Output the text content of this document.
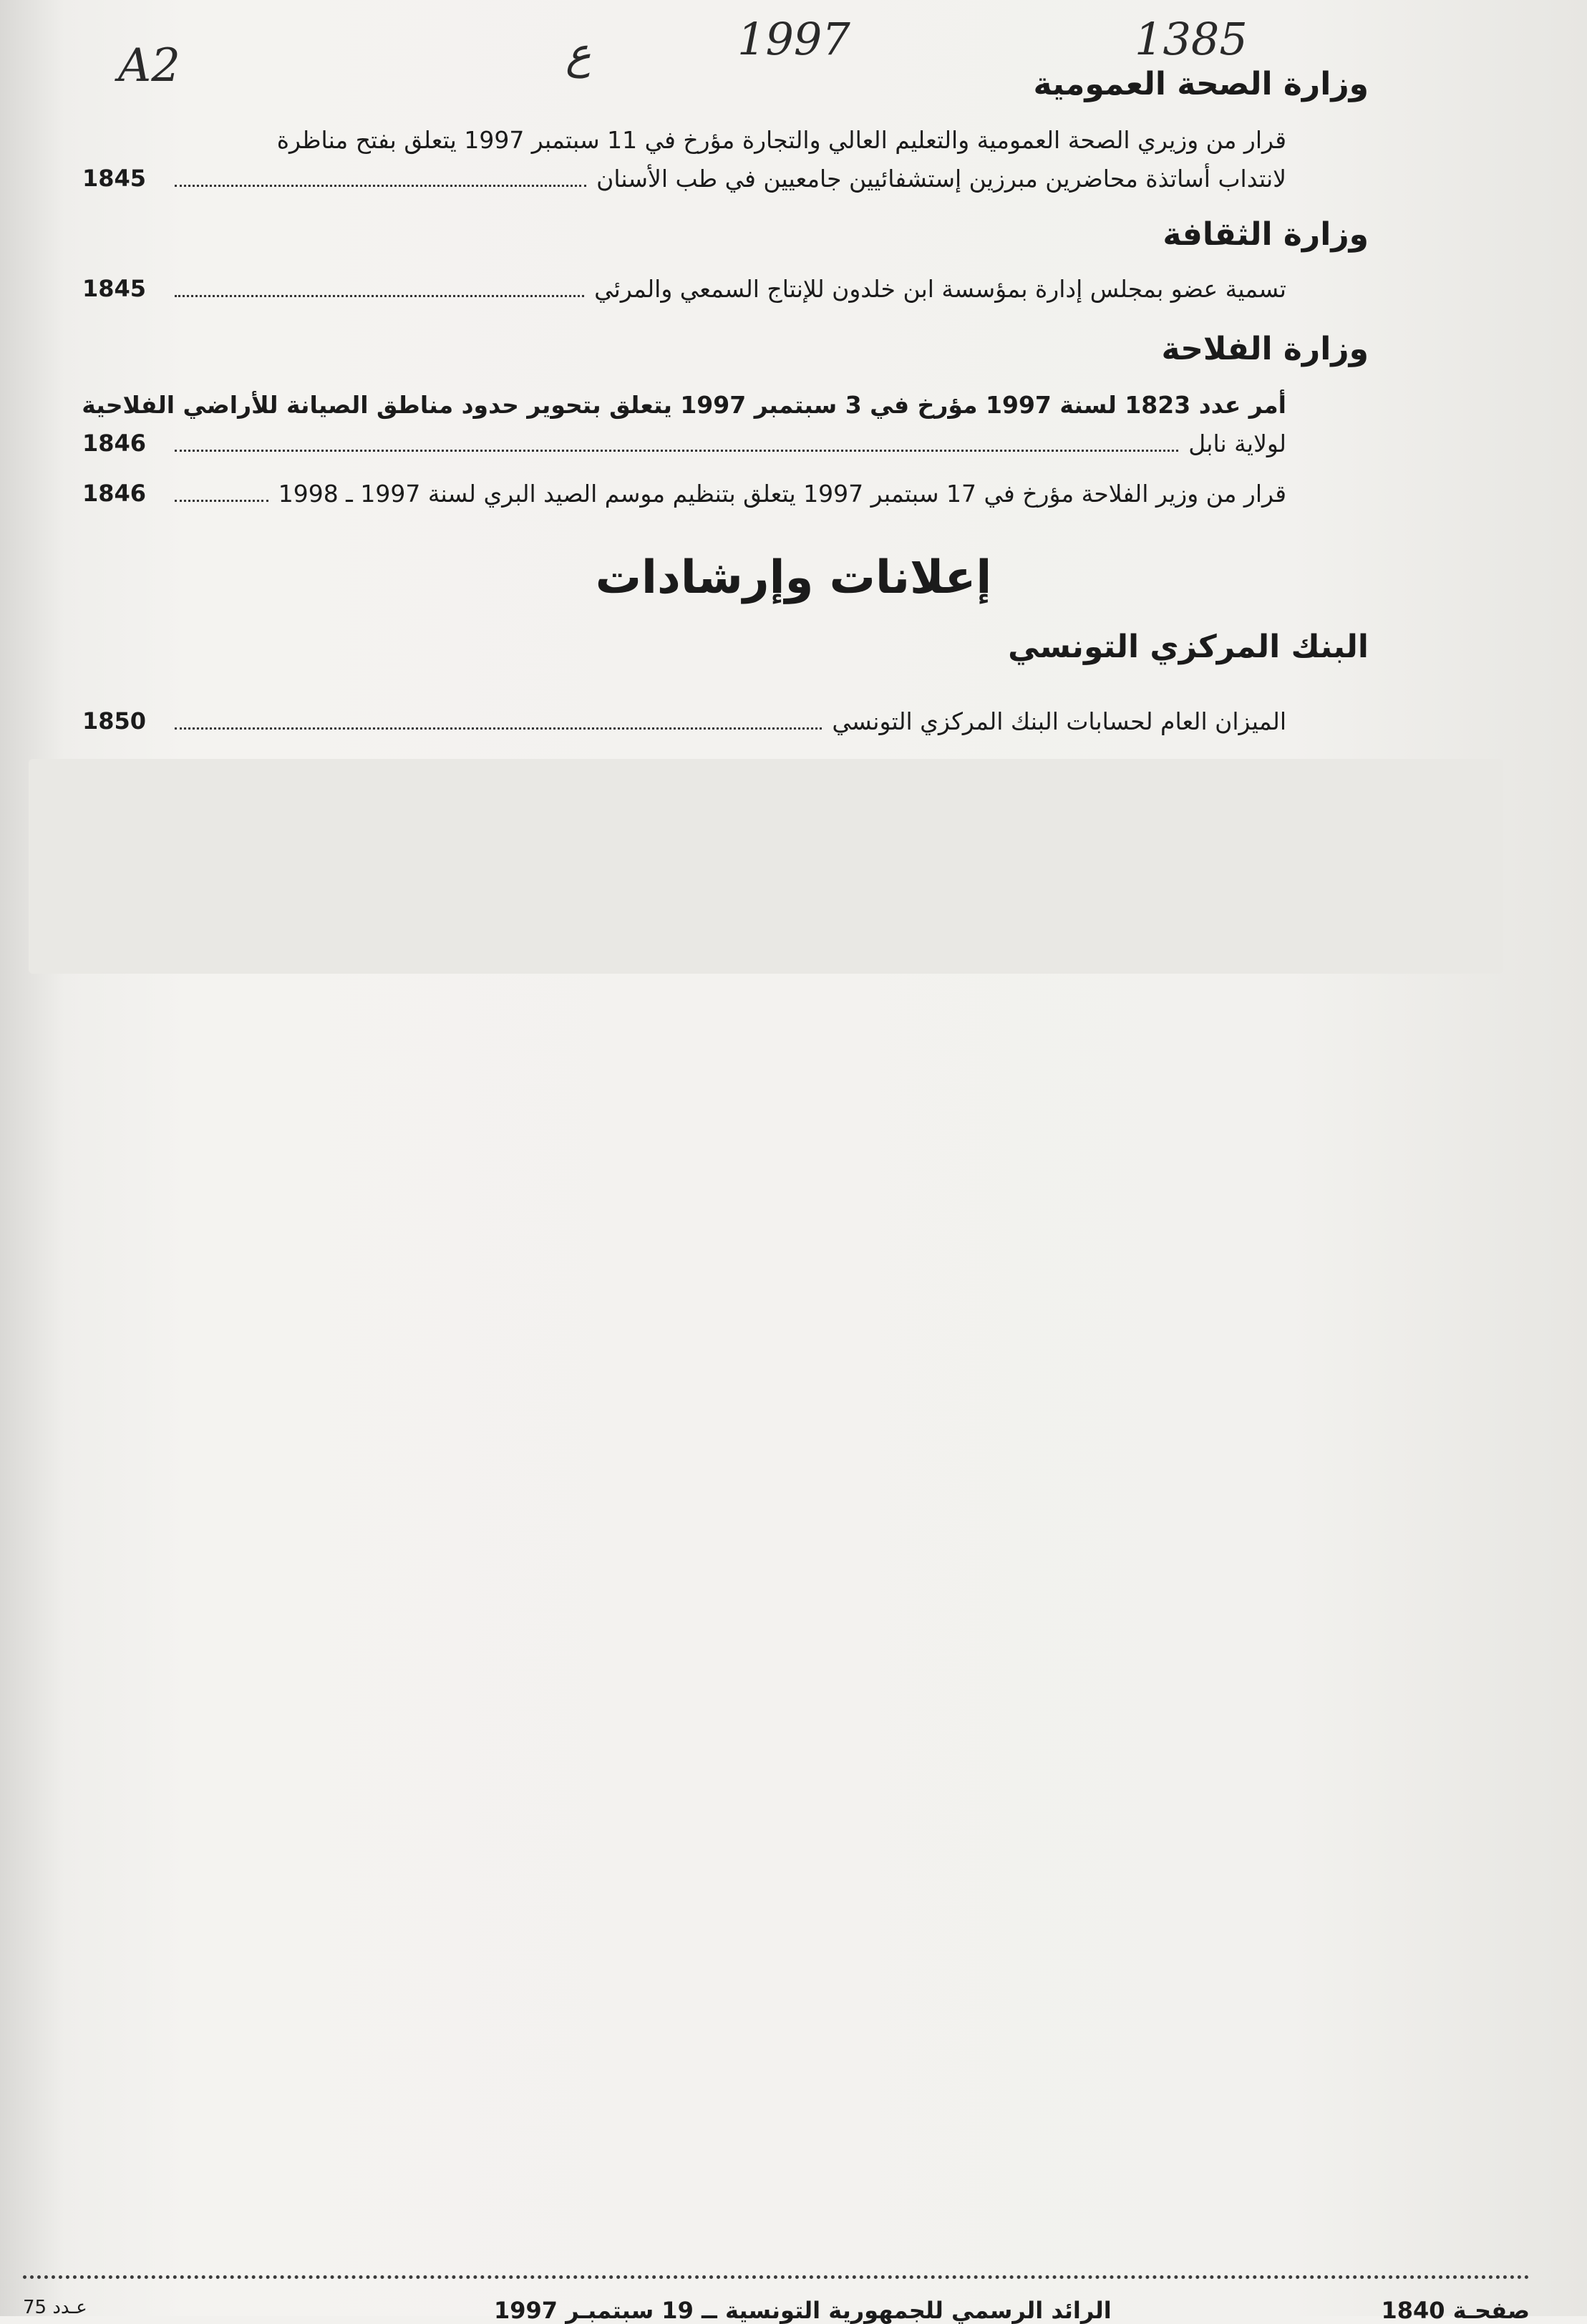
A2	ع	1997	1385
وزارة الصحة العمومية
قرار من وزيري الصحة العمومية والتعليم العالي والتجارة مؤرخ في 11 سبتمبر 1997 يتعلق بفتح مناظرة
لانتداب أساتذة محاضرين مبرزين إستشفائيين جامعيين في طب الأسنان
1845
وزارة الثقافة
تسمية عضو بمجلس إدارة بمؤسسة ابن خلدون للإنتاج السمعي والمرئي
1845
وزارة الفلاحة
أمر عدد 1823 لسنة 1997 مؤرخ في 3 سبتمبر 1997 يتعلق بتحوير حدود مناطق الصيانة للأراضي الفلاحية
لولاية نابل
1846
قرار من وزير الفلاحة مؤرخ في 17 سبتمبر 1997 يتعلق بتنظيم موسم الصيد البري لسنة 1997 ـ 1998
1846
إعلانات وإرشادات
البنك المركزي التونسي
الميزان العام لحسابات البنك المركزي التونسي
1850
عـدد 75	الرائد الرسمي للجمهورية التونسية ــ 19 سبتمبـر 1997	صفحـة 1840
